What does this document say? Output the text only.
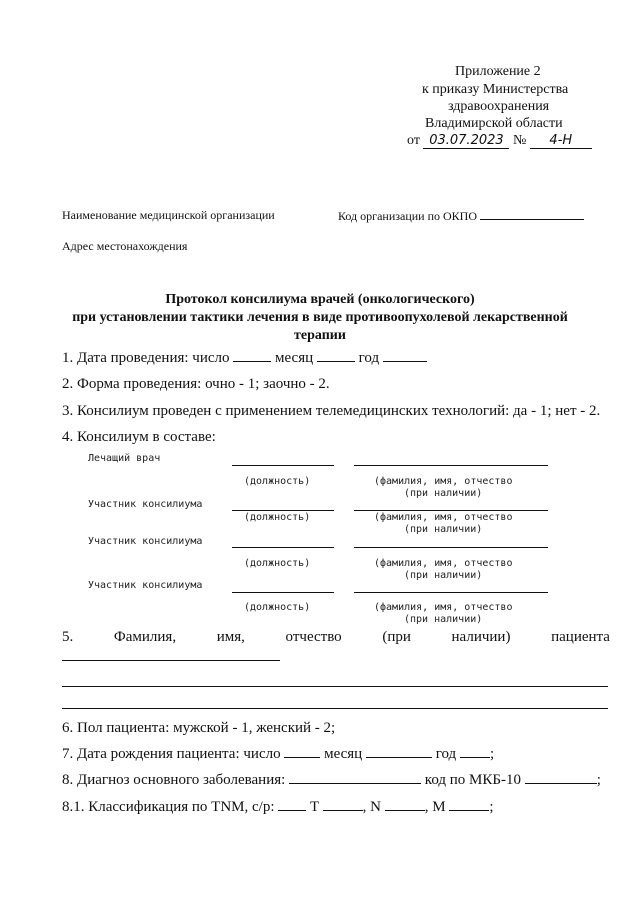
Приложение 2
к приказу Министерства
здравоохранения
Владимирской области
от 03.07.2023 № 4-Н
Наименование медицинской организации	Код организации по ОКПО
Адрес местонахождения
Протокол консилиума врачей (онкологического)
при установлении тактики лечения в виде противоопухолевой лекарственной
терапии
1. Дата проведения: число	месяц	год
2. Форма проведения: очно - 1; заочно - 2.
3. Консилиум проведен с применением телемедицинских технологий: да - 1; нет - 2.
4. Консилиум в составе:
Лечащий врач
(должность)	(фамилия, имя, отчество
(при наличии)
Участник консилиума
(должность)	(фамилия, имя, отчество
(при наличии)
Участник консилиума
(должность)	(фамилия, имя, отчество
(при наличии)
Участник консилиума
(должность)	(фамилия, имя, отчество
(при наличии)
5.	Фамилия,	имя,	отчество	(при	наличии)	пациента
6. Пол пациента: мужской - 1, женский - 2;
7. Дата рождения пациента: число	месяц	год ;
8. Диагноз основного заболевания:	код по МКБ-10	;
8.1. Классификация по TNM, с/р: T	, N	, M	;
